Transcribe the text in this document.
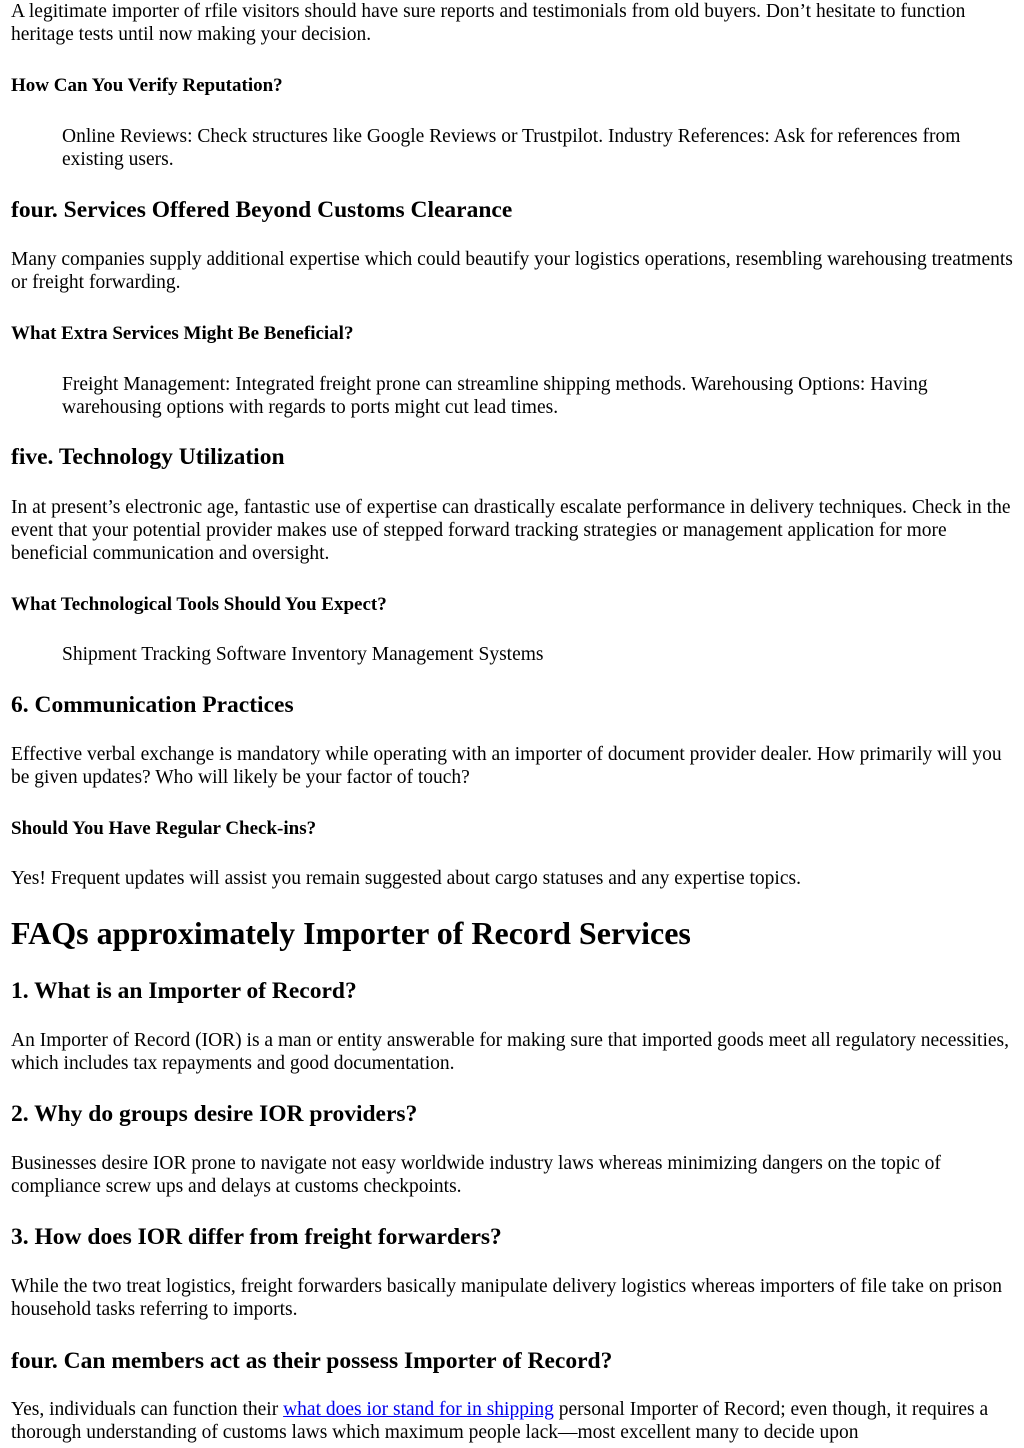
A legitimate importer of rfile visitors should have sure reports and testimonials from old buyers. Don’t hesitate to function heritage tests until now making your decision.

How Can You Verify Reputation?

Online Reviews: Check structures like Google Reviews or Trustpilot. Industry References: Ask for references from existing users.

four. Services Offered Beyond Customs Clearance

Many companies supply additional expertise which could beautify your logistics operations, resembling warehousing treatments or freight forwarding.

What Extra Services Might Be Beneficial?

Freight Management: Integrated freight prone can streamline shipping methods. Warehousing Options: Having warehousing options with regards to ports might cut lead times.

five. Technology Utilization

In at present’s electronic age, fantastic use of expertise can drastically escalate performance in delivery techniques. Check in the event that your potential provider makes use of stepped forward tracking strategies or management application for more beneficial communication and oversight.

What Technological Tools Should You Expect?

Shipment Tracking Software Inventory Management Systems

6. Communication Practices

Effective verbal exchange is mandatory while operating with an importer of document provider dealer. How primarily will you be given updates? Who will likely be your factor of touch?

Should You Have Regular Check-ins?

Yes! Frequent updates will assist you remain suggested about cargo statuses and any expertise topics.

FAQs approximately Importer of Record Services
1. What is an Importer of Record?

An Importer of Record (IOR) is a man or entity answerable for making sure that imported goods meet all regulatory necessities, which includes tax repayments and good documentation.

2. Why do groups desire IOR providers?

Businesses desire IOR prone to navigate not easy worldwide industry laws whereas minimizing dangers on the topic of compliance screw ups and delays at customs checkpoints.

3. How does IOR differ from freight forwarders?

While the two treat logistics, freight forwarders basically manipulate delivery logistics whereas importers of file take on prison household tasks referring to imports.

four. Can members act as their possess Importer of Record?

Yes, individuals can function their what does ior stand for in shipping personal Importer of Record; even though, it requires a thorough understanding of customs laws which maximum people lack—most excellent many to decide upon
